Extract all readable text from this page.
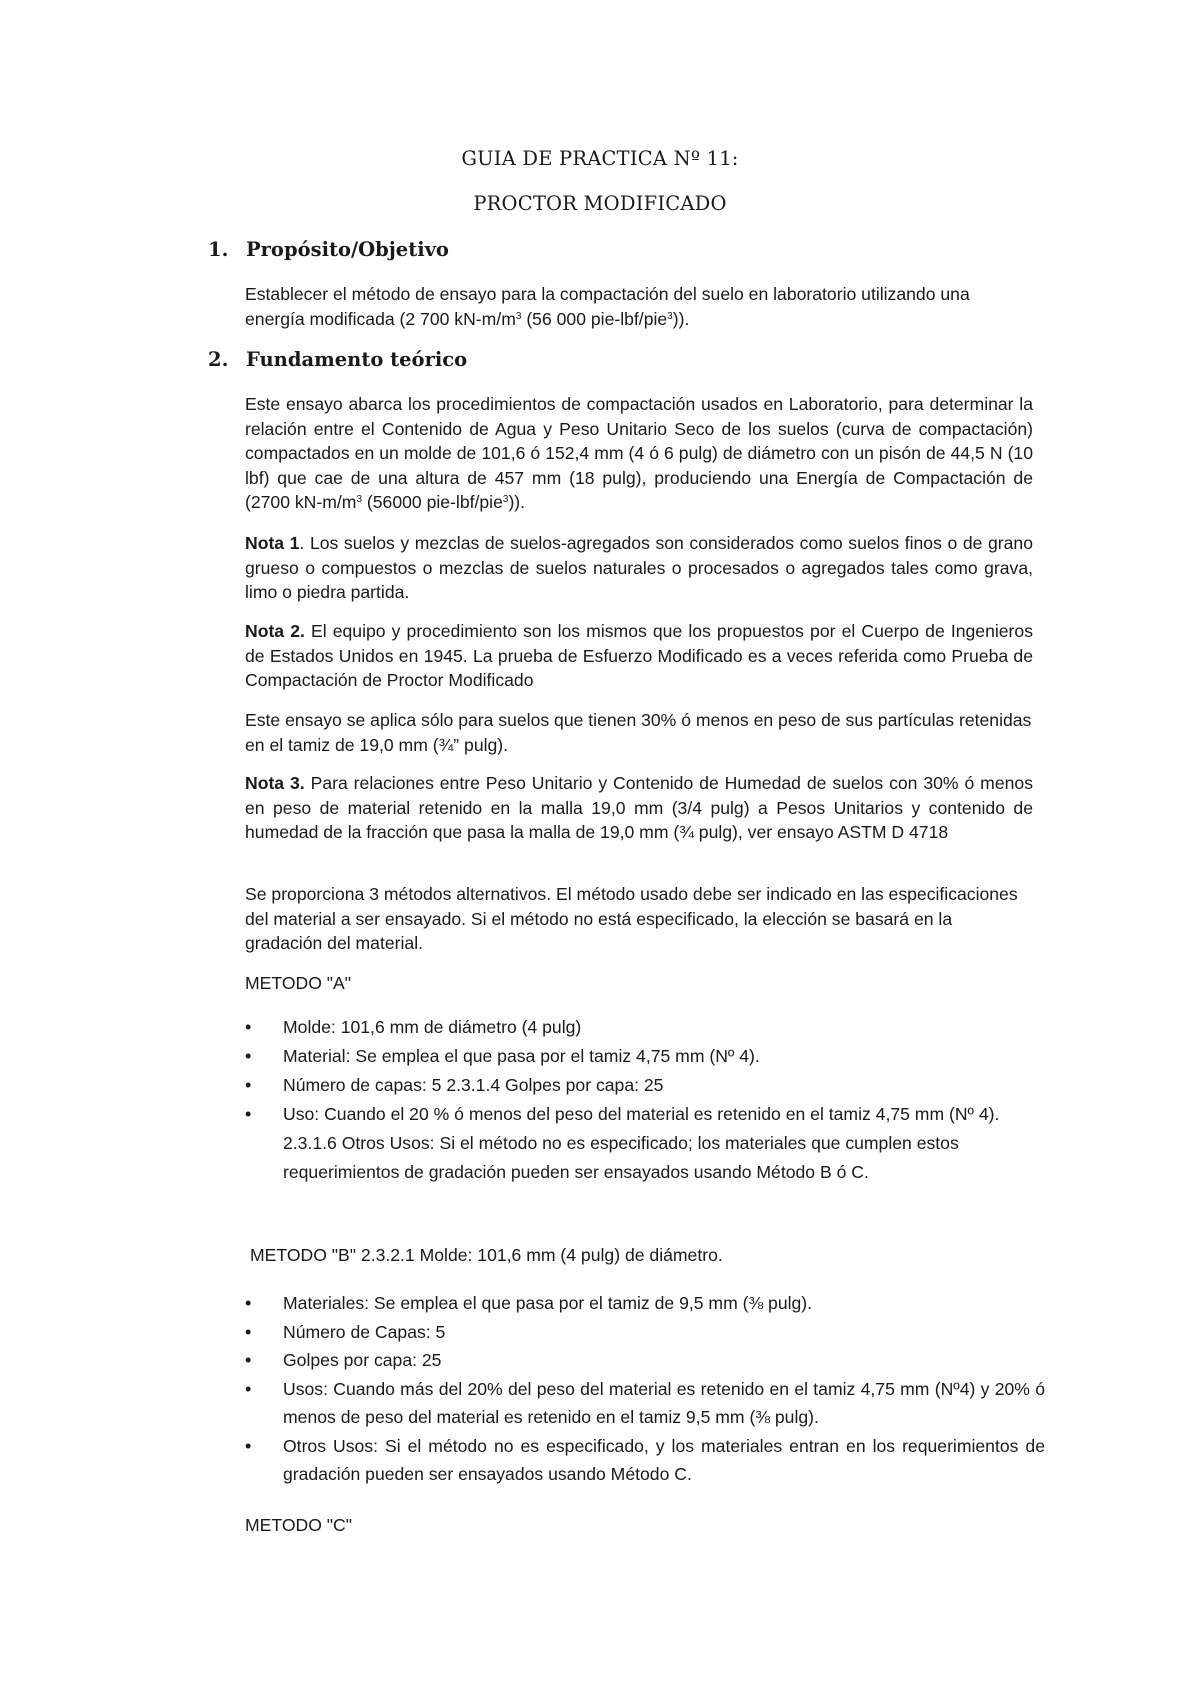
GUIA DE PRACTICA Nº 11:
PROCTOR MODIFICADO
1. Propósito/Objetivo

Establecer el método de ensayo para la compactación del suelo en laboratorio utilizando una energía modificada (2 700 $kN-m/m^3$ (56 000 pie-lbf/pie$^3$)).

2. Fundamento teórico

Este ensayo abarca los procedimientos de compactación usados en Laboratorio, para determinar la relación entre el Contenido de Agua y Peso Unitario Seco de los suelos (curva de compactación) compactados en un molde de 101,6 ó 152,4 mm (4 ó 6 pulg) de diámetro con un pisón de 44,5 N (10 lbf) que cae de una altura de 457 mm (18 pulg), produciendo una Energía de Compactación de (2700 $kN-m/m^3$ (56000 pie-lbf/pie$^3$)).

Nota 1. Los suelos y mezclas de suelos-agregados son considerados como suelos finos o de grano grueso o compuestos o mezclas de suelos naturales o procesados o agregados tales como grava, limo o piedra partida.

Nota 2. El equipo y procedimiento son los mismos que los propuestos por el Cuerpo de Ingenieros de Estados Unidos en 1945. La prueba de Esfuerzo Modificado es a veces referida como Prueba de Compactación de Proctor Modificado

Este ensayo se aplica sólo para suelos que tienen 30% ó menos en peso de sus partículas retenidas en el tamiz de 19,0 mm (¾” pulg).

Nota 3. Para relaciones entre Peso Unitario y Contenido de Humedad de suelos con 30% ó menos en peso de material retenido en la malla 19,0 mm (3/4 pulg) a Pesos Unitarios y contenido de humedad de la fracción que pasa la malla de 19,0 mm (¾ pulg), ver ensayo ASTM D 4718

Se proporciona 3 métodos alternativos. El método usado debe ser indicado en las especificaciones del material a ser ensayado. Si el método no está especificado, la elección se basará en la gradación del material.

METODO "A"

• Molde: 101,6 mm de diámetro (4 pulg)
• Material: Se emplea el que pasa por el tamiz 4,75 mm (Nº 4).
• Número de capas: 5 2.3.1.4 Golpes por capa: 25
• Uso: Cuando el 20 % ó menos del peso del material es retenido en el tamiz 4,75 mm (Nº 4). 2.3.1.6 Otros Usos: Si el método no es especificado; los materiales que cumplen estos requerimientos de gradación pueden ser ensayados usando Método B ó C.

METODO "B" 2.3.2.1 Molde: 101,6 mm (4 pulg) de diámetro.

• Materiales: Se emplea el que pasa por el tamiz de 9,5 mm (⅜ pulg).
• Número de Capas: 5
• Golpes por capa: 25
• Usos: Cuando más del 20% del peso del material es retenido en el tamiz 4,75 mm (Nº4) y 20% ó menos de peso del material es retenido en el tamiz 9,5 mm (⅜ pulg).
• Otros Usos: Si el método no es especificado, y los materiales entran en los requerimientos de gradación pueden ser ensayados usando Método C.

METODO "C"
